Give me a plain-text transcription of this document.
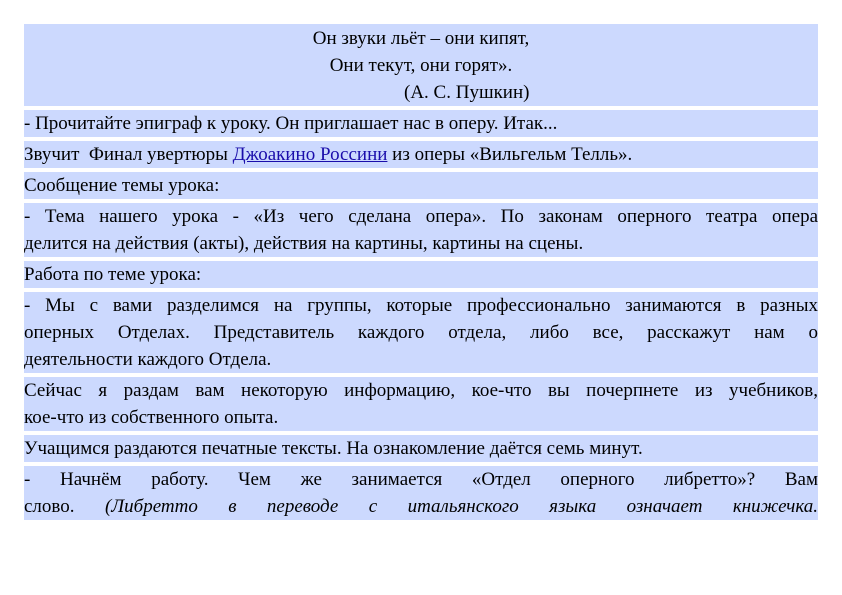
Он звуки льёт – они кипят,
Они текут, они горят».
(А. С. Пушкин)
- Прочитайте эпиграф к уроку. Он приглашает нас в оперу. Итак...
Звучит  Финал увертюры Джоакино Россини из оперы «Вильгельм Телль».
Сообщение темы урока:
- Тема нашего урока - «Из чего сделана опера». По законам оперного театра опера
делится на действия (акты), действия на картины, картины на сцены.
Работа по теме урока:
- Мы с вами разделимся на группы, которые профессионально занимаются в разных
оперных Отделах. Представитель каждого отдела, либо все, расскажут нам о
деятельности каждого Отдела.
Сейчас я раздам вам некоторую информацию, кое-что вы почерпнете из учебников,
кое-что из собственного опыта.
Учащимся раздаются печатные тексты. На ознакомление даётся семь минут.
- Начнём работу. Чем же занимается «Отдел оперного либретто»? Вам
слово. (Либретто в переводе с итальянского языка означает книжечка.
